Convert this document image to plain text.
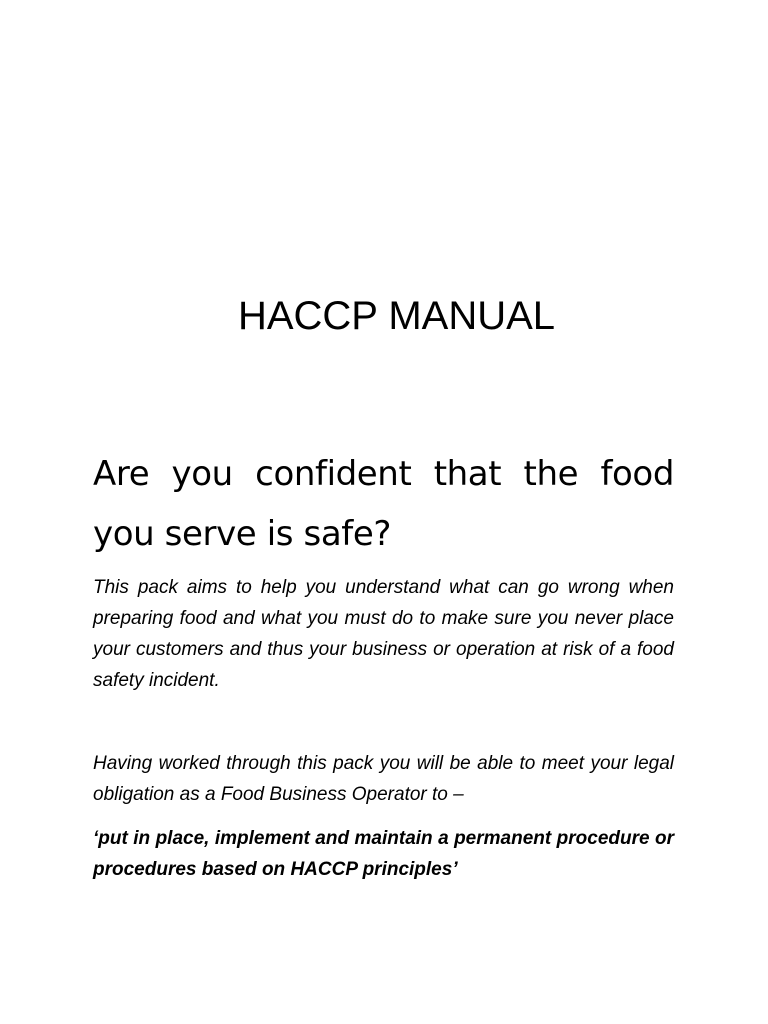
HACCP MANUAL
Are you confident that the food you serve is safe?

This pack aims to help you understand what can go wrong when preparing food and what you must do to make sure you never place your customers and thus your business or operation at risk of a food safety incident.

Having worked through this pack you will be able to meet your legal obligation as a Food Business Operator to –

‘put in place, implement and maintain a permanent procedure or procedures based on HACCP principles’
